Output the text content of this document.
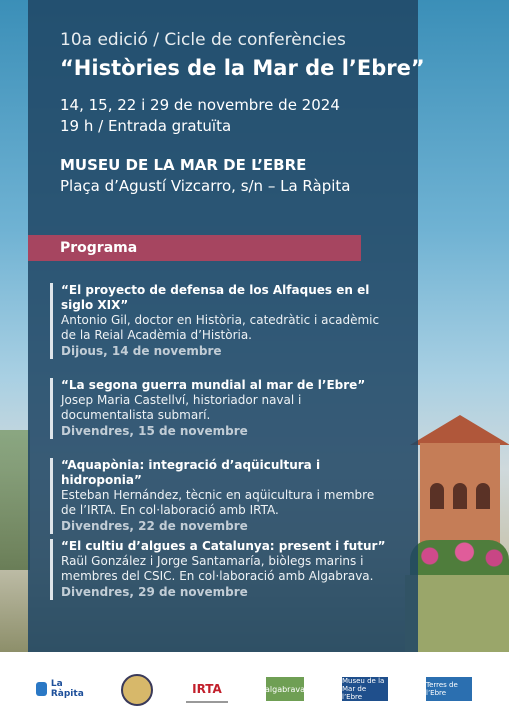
10a edició / Cicle de conferències
“Històries de la Mar de l’Ebre”
14, 15, 22 i 29 de novembre de 2024
19 h / Entrada gratuïta
MUSEU DE LA MAR DE L’EBRE
Plaça d’Agustí Vizcarro, s/n – La Ràpita
Programa
“El proyecto de defensa de los Alfaques en el siglo XIX”
Antonio Gil, doctor en Història, catedràtic i acadèmic de la Reial Acadèmia d’Història.
Dijous, 14 de novembre
“La segona guerra mundial al mar de l’Ebre”
Josep Maria Castellví, historiador naval i documentalista submarí.
Divendres, 15 de novembre
“Aquapònia: integració d’aqüicultura i hidroponia”
Esteban Hernández, tècnic en aqüicultura i membre de l’IRTA. En col·laboració amb IRTA.
Divendres, 22 de novembre
“El cultiu d’algues a Catalunya: present i futur”
Raül González i Jorge Santamaría, biòlegs marins i membres del CSIC. En col·laboració amb Algabrava.
Divendres, 29 de novembre
La Ràpita	IRTA	algabrava
Museu de la Mar de l’Ebre
Terres de l’Ebre
